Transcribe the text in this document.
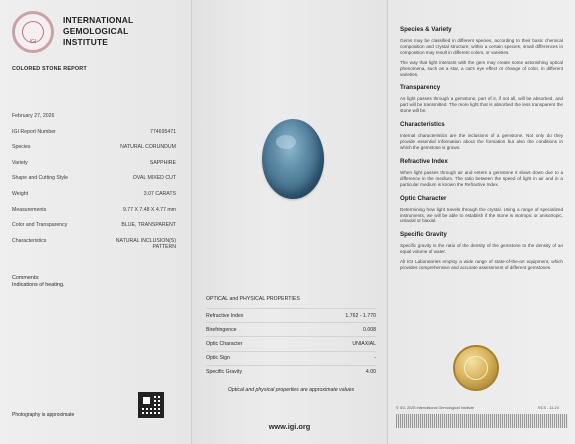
IGI
INTERNATIONAL
GEMOLOGICAL
INSTITUTE
COLORED STONE REPORT
February 27, 2026
IGI Report Number	774695471
Species	NATURAL CORUNDUM
Variety	SAPPHIRE
Shape and Cutting Style	OVAL MIXED CUT
Weight	3.07 CARATS
Measurements	9.77 X 7.48 X 4.77 mm
Color and Transparency	BLUE, TRANSPARENT
Characteristics	NATURAL INCLUSION(S) PATTERN
Comments:
Indications of heating.
Photography is approximate
OPTICAL and PHYSICAL PROPERTIES
Refractive Index	1.762 - 1.770
Birefringence	0.008
Optic Character	UNIAXIAL
Optic Sign	-
Specific Gravity	4.00
Optical and physical properties are approximate values
www.igi.org
Species & Variety

Gems may be classified in different species, according to their basic chemical composition and crystal structure; within a certain species, small differences in composition may result in different colors, or varieties.

The way that light interacts with the gem may create some astonishing optical phenomena, such as a star, a cat's eye effect or change of color, in different varieties.

Transparency

As light passes through a gemstone, part of it, if not all, will be absorbed, and part will be transmitted. The more light that is absorbed the less transparent the stone will be.

Characteristics

Internal characteristics are the inclusions of a gemstone. Not only do they provide essential information about the formation but also the conditions in which the gemstone is grown.

Refractive Index

When light passes through air and enters a gemstone it slows down due to a difference in the medium. The ratio between the speed of light in air and in a particular medium is known the Refractive Index.

Optic Character

Determining how light travels through the crystal. Using a range of specialized instruments, we will be able to establish if the stone is isotropic or anisotropic, uniaxial or biaxial.

Specific Gravity

Specific gravity is the ratio of the density of the gemstone to the density of an equal volume of water.

All IGI Laboratories employ a wide range of state-of-the-art equipment, which provides comprehensive and accurate assessment of different gemstones.

© IGI, 2025 International Gemological Institute	RCS - 11-24
